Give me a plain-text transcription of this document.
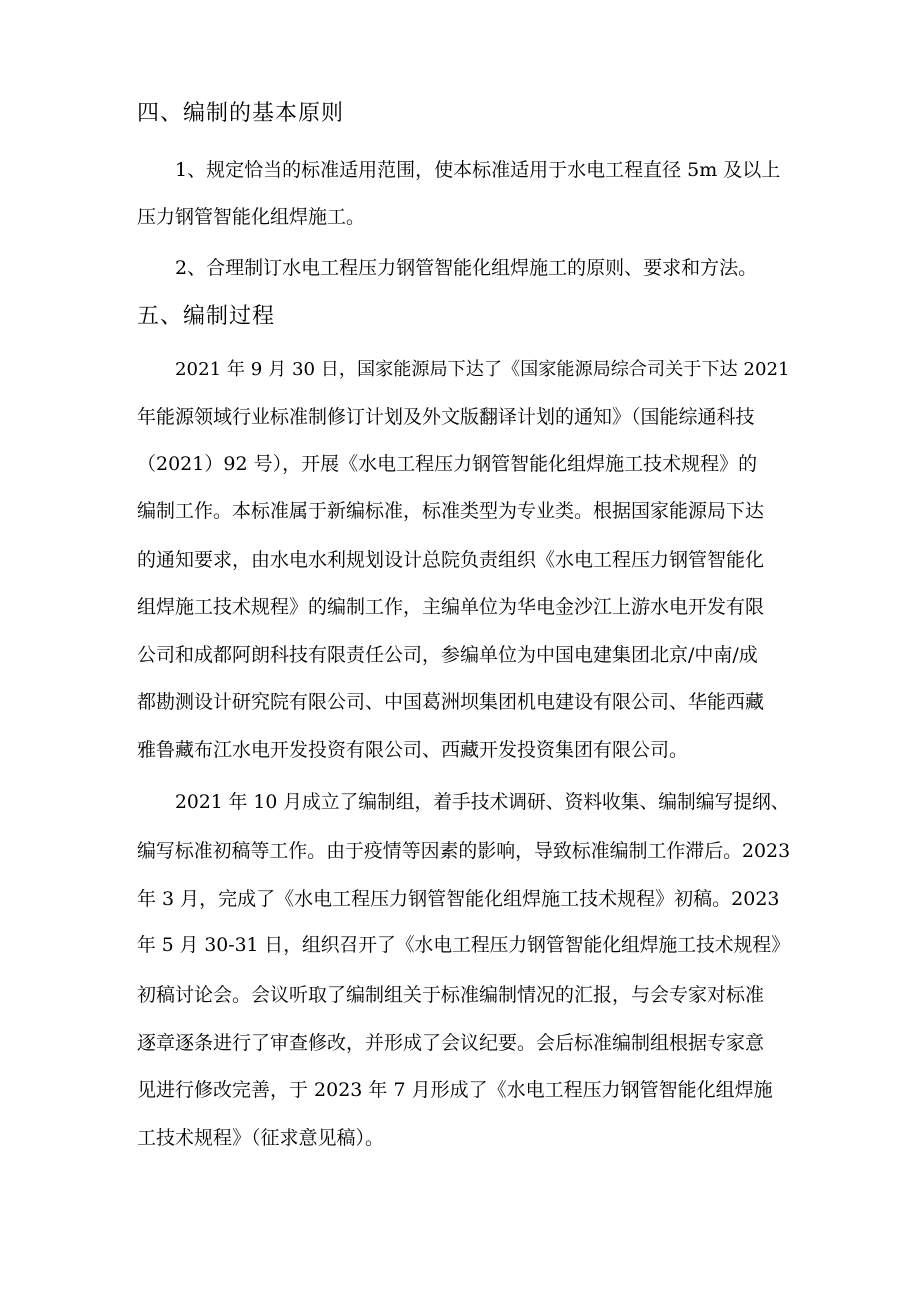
四、编制的基本原则
1、规定恰当的标准适用范围，使本标准适用于水电工程直径 5m 及以上
压力钢管智能化组焊施工。
2、合理制订水电工程压力钢管智能化组焊施工的原则、要求和方法。
五、编制过程
2021 年 9 月 30 日，国家能源局下达了《国家能源局综合司关于下达 2021
年能源领域行业标准制修订计划及外文版翻译计划的通知》（国能综通科技
（2021）92 号），开展《水电工程压力钢管智能化组焊施工技术规程》的
编制工作。本标准属于新编标准，标准类型为专业类。根据国家能源局下达
的通知要求，由水电水利规划设计总院负责组织《水电工程压力钢管智能化
组焊施工技术规程》的编制工作，主编单位为华电金沙江上游水电开发有限
公司和成都阿朗科技有限责任公司，参编单位为中国电建集团北京/中南/成
都勘测设计研究院有限公司、中国葛洲坝集团机电建设有限公司、华能西藏
雅鲁藏布江水电开发投资有限公司、西藏开发投资集团有限公司。
2021 年 10 月成立了编制组，着手技术调研、资料收集、编制编写提纲、
编写标准初稿等工作。由于疫情等因素的影响，导致标准编制工作滞后。2023
年 3 月，完成了《水电工程压力钢管智能化组焊施工技术规程》初稿。2023
年 5 月 30-31 日，组织召开了《水电工程压力钢管智能化组焊施工技术规程》
初稿讨论会。会议听取了编制组关于标准编制情况的汇报，与会专家对标准
逐章逐条进行了审查修改，并形成了会议纪要。会后标准编制组根据专家意
见进行修改完善，于 2023 年 7 月形成了《水电工程压力钢管智能化组焊施
工技术规程》（征求意见稿）。
